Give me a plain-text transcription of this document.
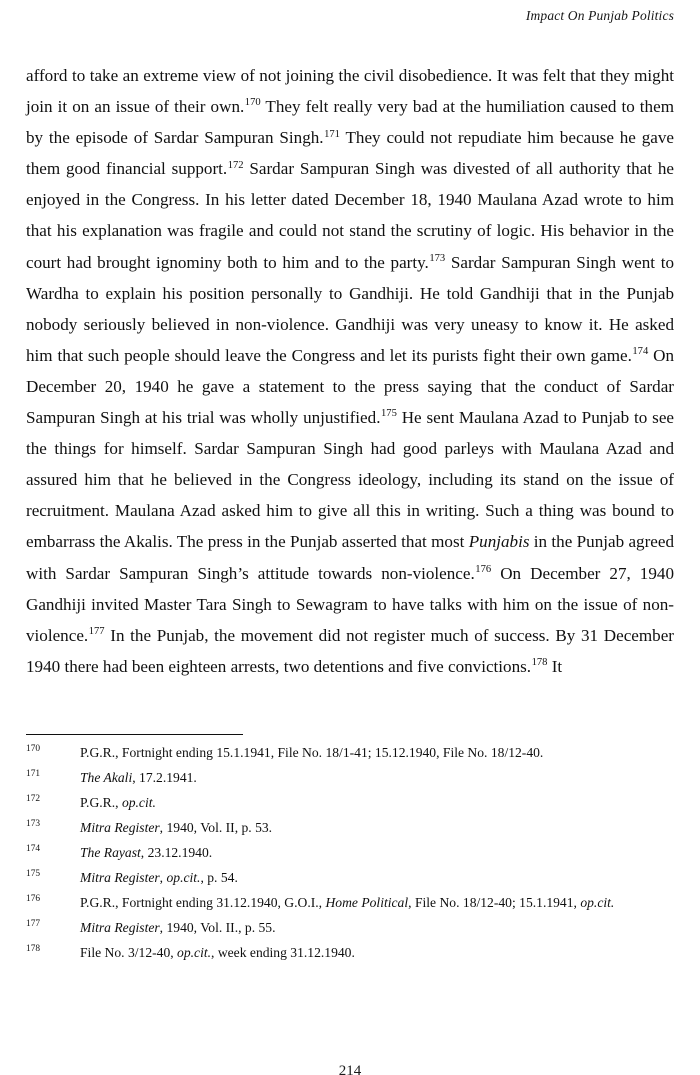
Impact On Punjab Politics

afford to take an extreme view of not joining the civil disobedience. It was felt that they might join it on an issue of their own.$^{170}$ They felt really very bad at the humiliation caused to them by the episode of Sardar Sampuran Singh.$^{171}$ They could not repudiate him because he gave them good financial support.$^{172}$ Sardar Sampuran Singh was divested of all authority that he enjoyed in the Congress. In his letter dated December 18, 1940 Maulana Azad wrote to him that his explanation was fragile and could not stand the scrutiny of logic. His behavior in the court had brought ignominy both to him and to the party.$^{173}$ Sardar Sampuran Singh went to Wardha to explain his position personally to Gandhiji. He told Gandhiji that in the Punjab nobody seriously believed in non-violence. Gandhiji was very uneasy to know it. He asked him that such people should leave the Congress and let its purists fight their own game.$^{174}$ On December 20, 1940 he gave a statement to the press saying that the conduct of Sardar Sampuran Singh at his trial was wholly unjustified.$^{175}$ He sent Maulana Azad to Punjab to see the things for himself. Sardar Sampuran Singh had good parleys with Maulana Azad and assured him that he believed in the Congress ideology, including its stand on the issue of recruitment. Maulana Azad asked him to give all this in writing. Such a thing was bound to embarrass the Akalis. The press in the Punjab asserted that most Punjabis in the Punjab agreed with Sardar Sampuran Singh’s attitude towards non-violence.$^{176}$ On December 27, 1940 Gandhiji invited Master Tara Singh to Sewagram to have talks with him on the issue of non-violence.$^{177}$ In the Punjab, the movement did not register much of success. By 31 December 1940 there had been eighteen arrests, two detentions and five convictions.$^{178}$ It

170	P.G.R., Fortnight ending 15.1.1941, File No. 18/1-41; 15.12.1940, File No. 18/12-40.
171	The Akali, 17.2.1941.
172	P.G.R., op.cit.
173	Mitra Register, 1940, Vol. II, p. 53.
174	The Rayast, 23.12.1940.
175	Mitra Register, op.cit., p. 54.
176	P.G.R., Fortnight ending 31.12.1940, G.O.I., Home Political, File No. 18/12-40; 15.1.1941, op.cit.
177	Mitra Register, 1940, Vol. II., p. 55.
178	File No. 3/12-40, op.cit., week ending 31.12.1940.
214
